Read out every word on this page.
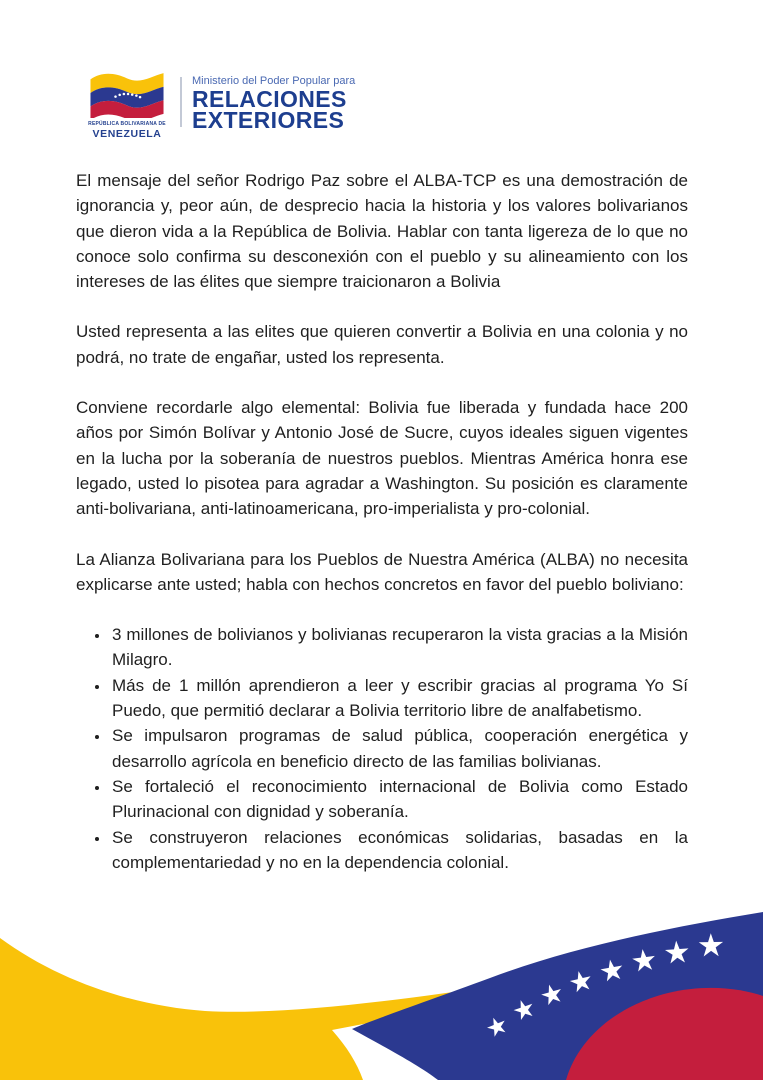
REPÚBLICA BOLIVARIANA DE
VENEZUELA
Ministerio del Poder Popular para
RELACIONES
EXTERIORES

El mensaje del señor Rodrigo Paz sobre el ALBA-TCP es una demostración de ignorancia y, peor aún, de desprecio hacia la historia y los valores bolivarianos que dieron vida a la República de Bolivia. Hablar con tanta ligereza de lo que no conoce solo confirma su desconexión con el pueblo y su alineamiento con los intereses de las élites que siempre traicionaron a Bolivia

Usted representa a las elites que quieren convertir a Bolivia en una colonia y no podrá, no trate de engañar, usted los representa.

Conviene recordarle algo elemental: Bolivia fue liberada y fundada hace 200 años por Simón Bolívar y Antonio José de Sucre, cuyos ideales siguen vigentes en la lucha por la soberanía de nuestros pueblos. Mientras América honra ese legado, usted lo pisotea para agradar a Washington. Su posición es claramente anti-bolivariana, anti-latinoamericana, pro-imperialista y pro-colonial.

La Alianza Bolivariana para los Pueblos de Nuestra América (ALBA) no necesita explicarse ante usted; habla con hechos concretos en favor del pueblo boliviano:

• 3 millones de bolivianos y bolivianas recuperaron la vista gracias a la Misión Milagro.
• Más de 1 millón aprendieron a leer y escribir gracias al programa Yo Sí Puedo, que permitió declarar a Bolivia territorio libre de analfabetismo.
• Se impulsaron programas de salud pública, cooperación energética y desarrollo agrícola en beneficio directo de las familias bolivianas.
• Se fortaleció el reconocimiento internacional de Bolivia como Estado Plurinacional con dignidad y soberanía.
• Se construyeron relaciones económicas solidarias, basadas en la complementariedad y no en la dependencia colonial.
